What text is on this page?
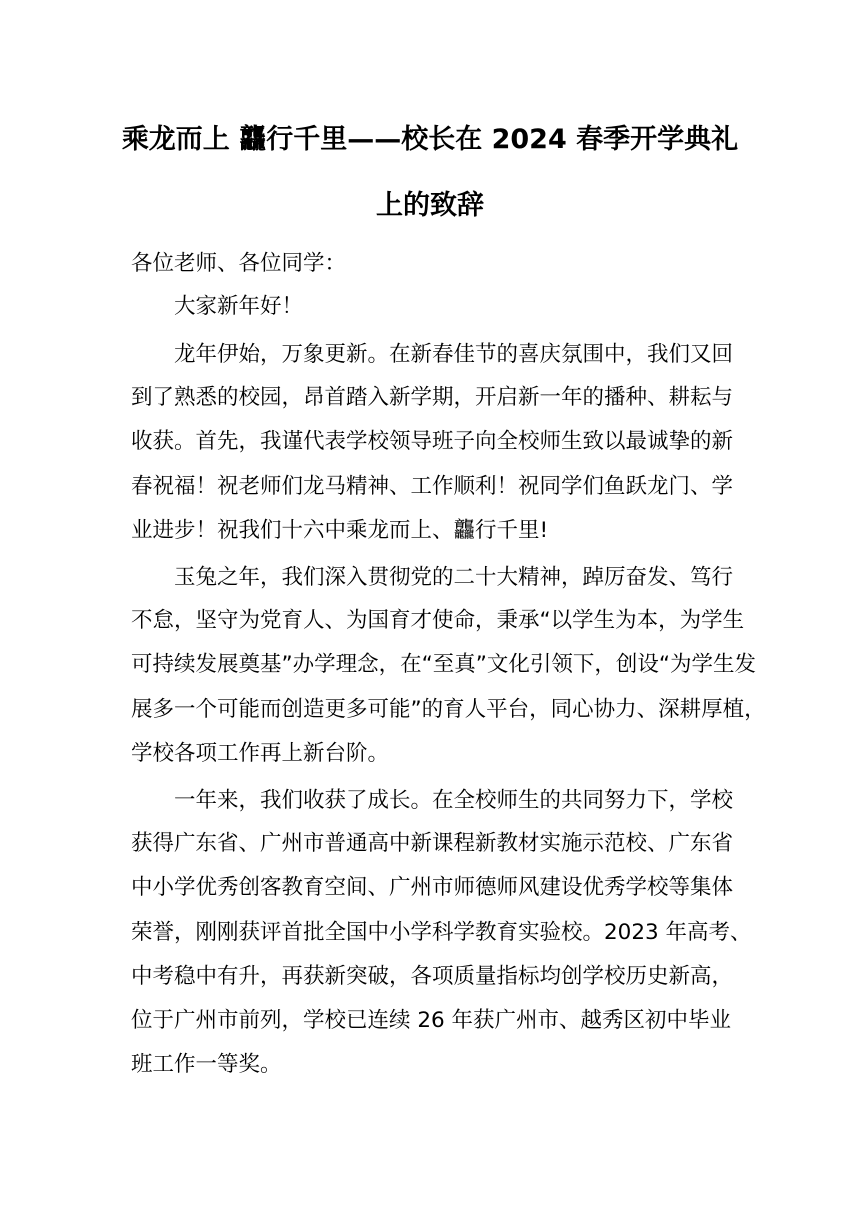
乘龙而上 龘行千里——校长在 2024 春季开学典礼
上的致辞
各位老师、各位同学：
大家新年好！
龙年伊始，万象更新。在新春佳节的喜庆氛围中，我们又回
到了熟悉的校园，昂首踏入新学期，开启新一年的播种、耕耘与
收获。首先，我谨代表学校领导班子向全校师生致以最诚挚的新
春祝福！祝老师们龙马精神、工作顺利！祝同学们鱼跃龙门、学
业进步！祝我们十六中乘龙而上、龘行千里!
玉兔之年，我们深入贯彻党的二十大精神，踔厉奋发、笃行
不怠，坚守为党育人、为国育才使命，秉承“以学生为本，为学生
可持续发展奠基”办学理念，在“至真”文化引领下，创设“为学生发
展多一个可能而创造更多可能”的育人平台，同心协力、深耕厚植，
学校各项工作再上新台阶。
一年来，我们收获了成长。在全校师生的共同努力下，学校
获得广东省、广州市普通高中新课程新教材实施示范校、广东省
中小学优秀创客教育空间、广州市师德师风建设优秀学校等集体
荣誉，刚刚获评首批全国中小学科学教育实验校。2023 年高考、
中考稳中有升，再获新突破，各项质量指标均创学校历史新高，
位于广州市前列，学校已连续 26 年获广州市、越秀区初中毕业
班工作一等奖。
